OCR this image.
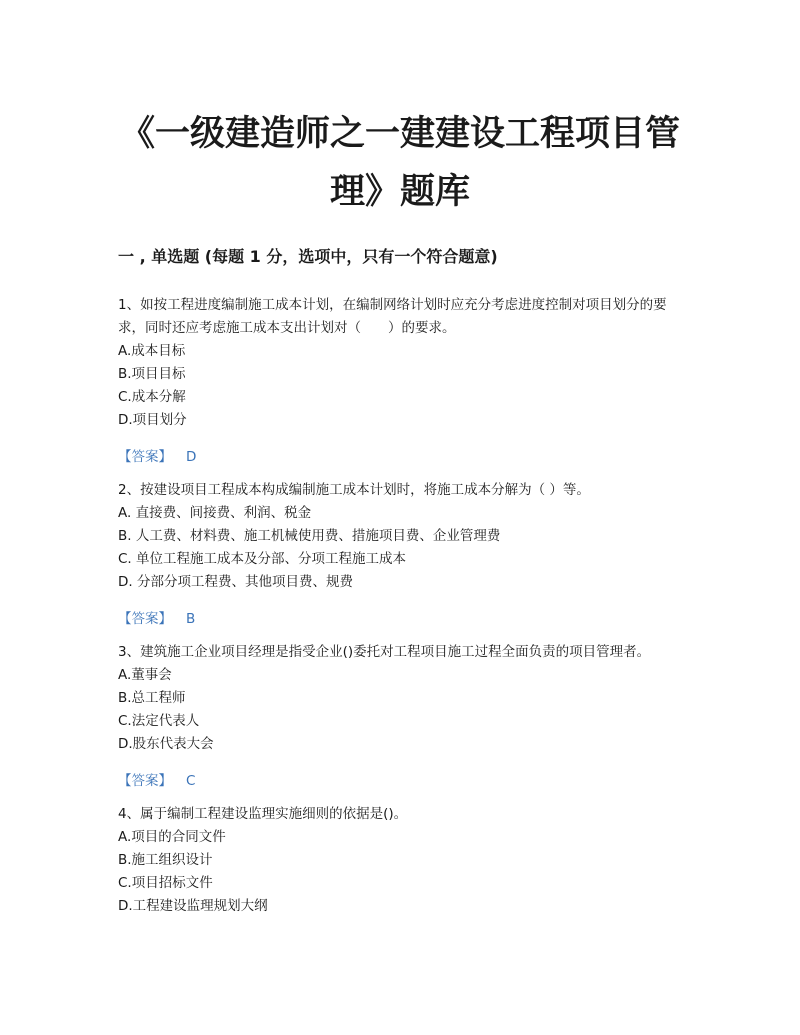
《一级建造师之一建建设工程项目管
理》题库
一 , 单选题 (每题 1 分，选项中，只有一个符合题意)

1、如按工程进度编制施工成本计划，在编制网络计划时应充分考虑进度控制对项目划分的要求，同时还应考虑施工成本支出计划对（　　）的要求。

A.成本目标

B.项目目标

C.成本分解

D.项目划分

【答案】 D

2、按建设项目工程成本构成编制施工成本计划时，将施工成本分解为（ ）等。

A. 直接费、间接费、利润、税金

B. 人工费、材料费、施工机械使用费、措施项目费、企业管理费

C. 单位工程施工成本及分部、分项工程施工成本

D. 分部分项工程费、其他项目费、规费

【答案】 B

3、建筑施工企业项目经理是指受企业()委托对工程项目施工过程全面负责的项目管理者。

A.董事会

B.总工程师

C.法定代表人

D.股东代表大会

【答案】 C

4、属于编制工程建设监理实施细则的依据是()。

A.项目的合同文件

B.施工组织设计

C.项目招标文件

D.工程建设监理规划大纲
